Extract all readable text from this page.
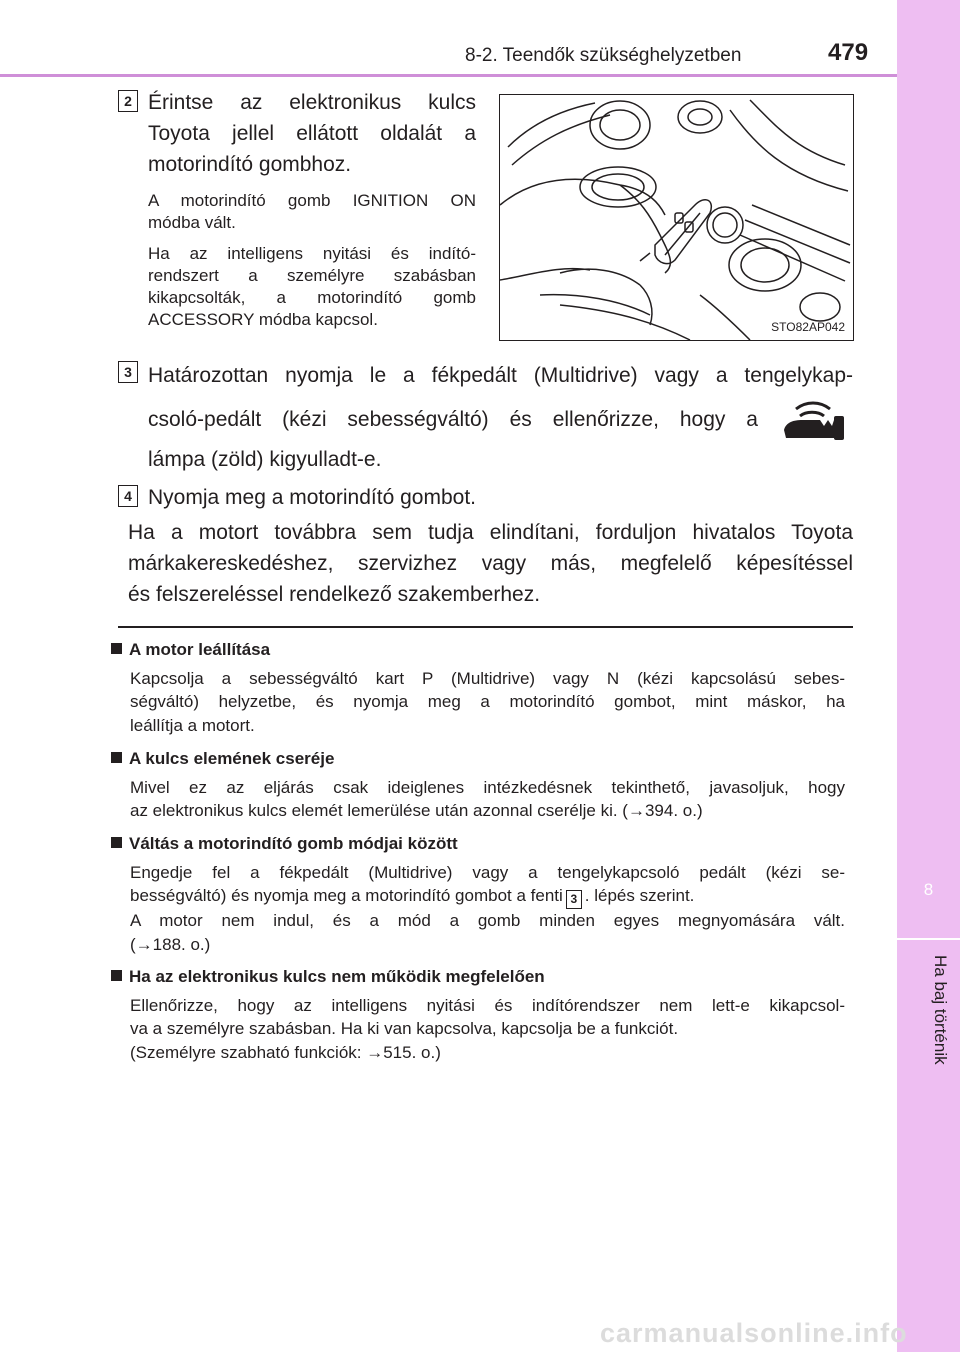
8
Ha baj történik
8-2. Teendők szükséghelyzetben	479
2 Érintse az elektronikus kulcs
Toyota jellel ellátott oldalát a
motorindító gombhoz.
A motorindító gomb IGNITION ON
módba vált.
Ha az intelligens nyitási és indító-
rendszert a személyre szabásban
kikapcsolták, a motorindító gomb
ACCESSORY módba kapcsol.	STO82AP042
3 Határozottan nyomja le a fékpedált (Multidrive) vagy a tengelykap-
csoló-pedált (kézi sebességváltó) és ellenőrizze, hogy a
lámpa (zöld) kigyulladt-e.
4 Nyomja meg a motorindító gombot.
Ha a motort továbbra sem tudja elindítani, forduljon hivatalos Toyota
márkakereskedéshez, szervizhez vagy más, megfelelő képesítéssel
és felszereléssel rendelkező szakemberhez.
A motor leállítása
Kapcsolja a sebességváltó kart P (Multidrive) vagy N (kézi kapcsolású sebes-
ségváltó) helyzetbe, és nyomja meg a motorindító gombot, mint máskor, ha
leállítja a motort.
A kulcs elemének cseréje
Mivel ez az eljárás csak ideiglenes intézkedésnek tekinthető, javasoljuk, hogy
az elektronikus kulcs elemét lemerülése után azonnal cserélje ki. (→394. o.)
Váltás a motorindító gomb módjai között
Engedje fel a fékpedált (Multidrive) vagy a tengelykapcsoló pedált (kézi se-
bességváltó) és nyomja meg a motorindító gombot a fenti 3 . lépés szerint.
A motor nem indul, és a mód a gomb minden egyes megnyomására vált.
(→188. o.)
Ha az elektronikus kulcs nem működik megfelelően
Ellenőrizze, hogy az intelligens nyitási és indítórendszer nem lett-e kikapcsol-
va a személyre szabásban. Ha ki van kapcsolva, kapcsolja be a funkciót.
(Személyre szabható funkciók: →515. o.)
carmanualsonline.info
